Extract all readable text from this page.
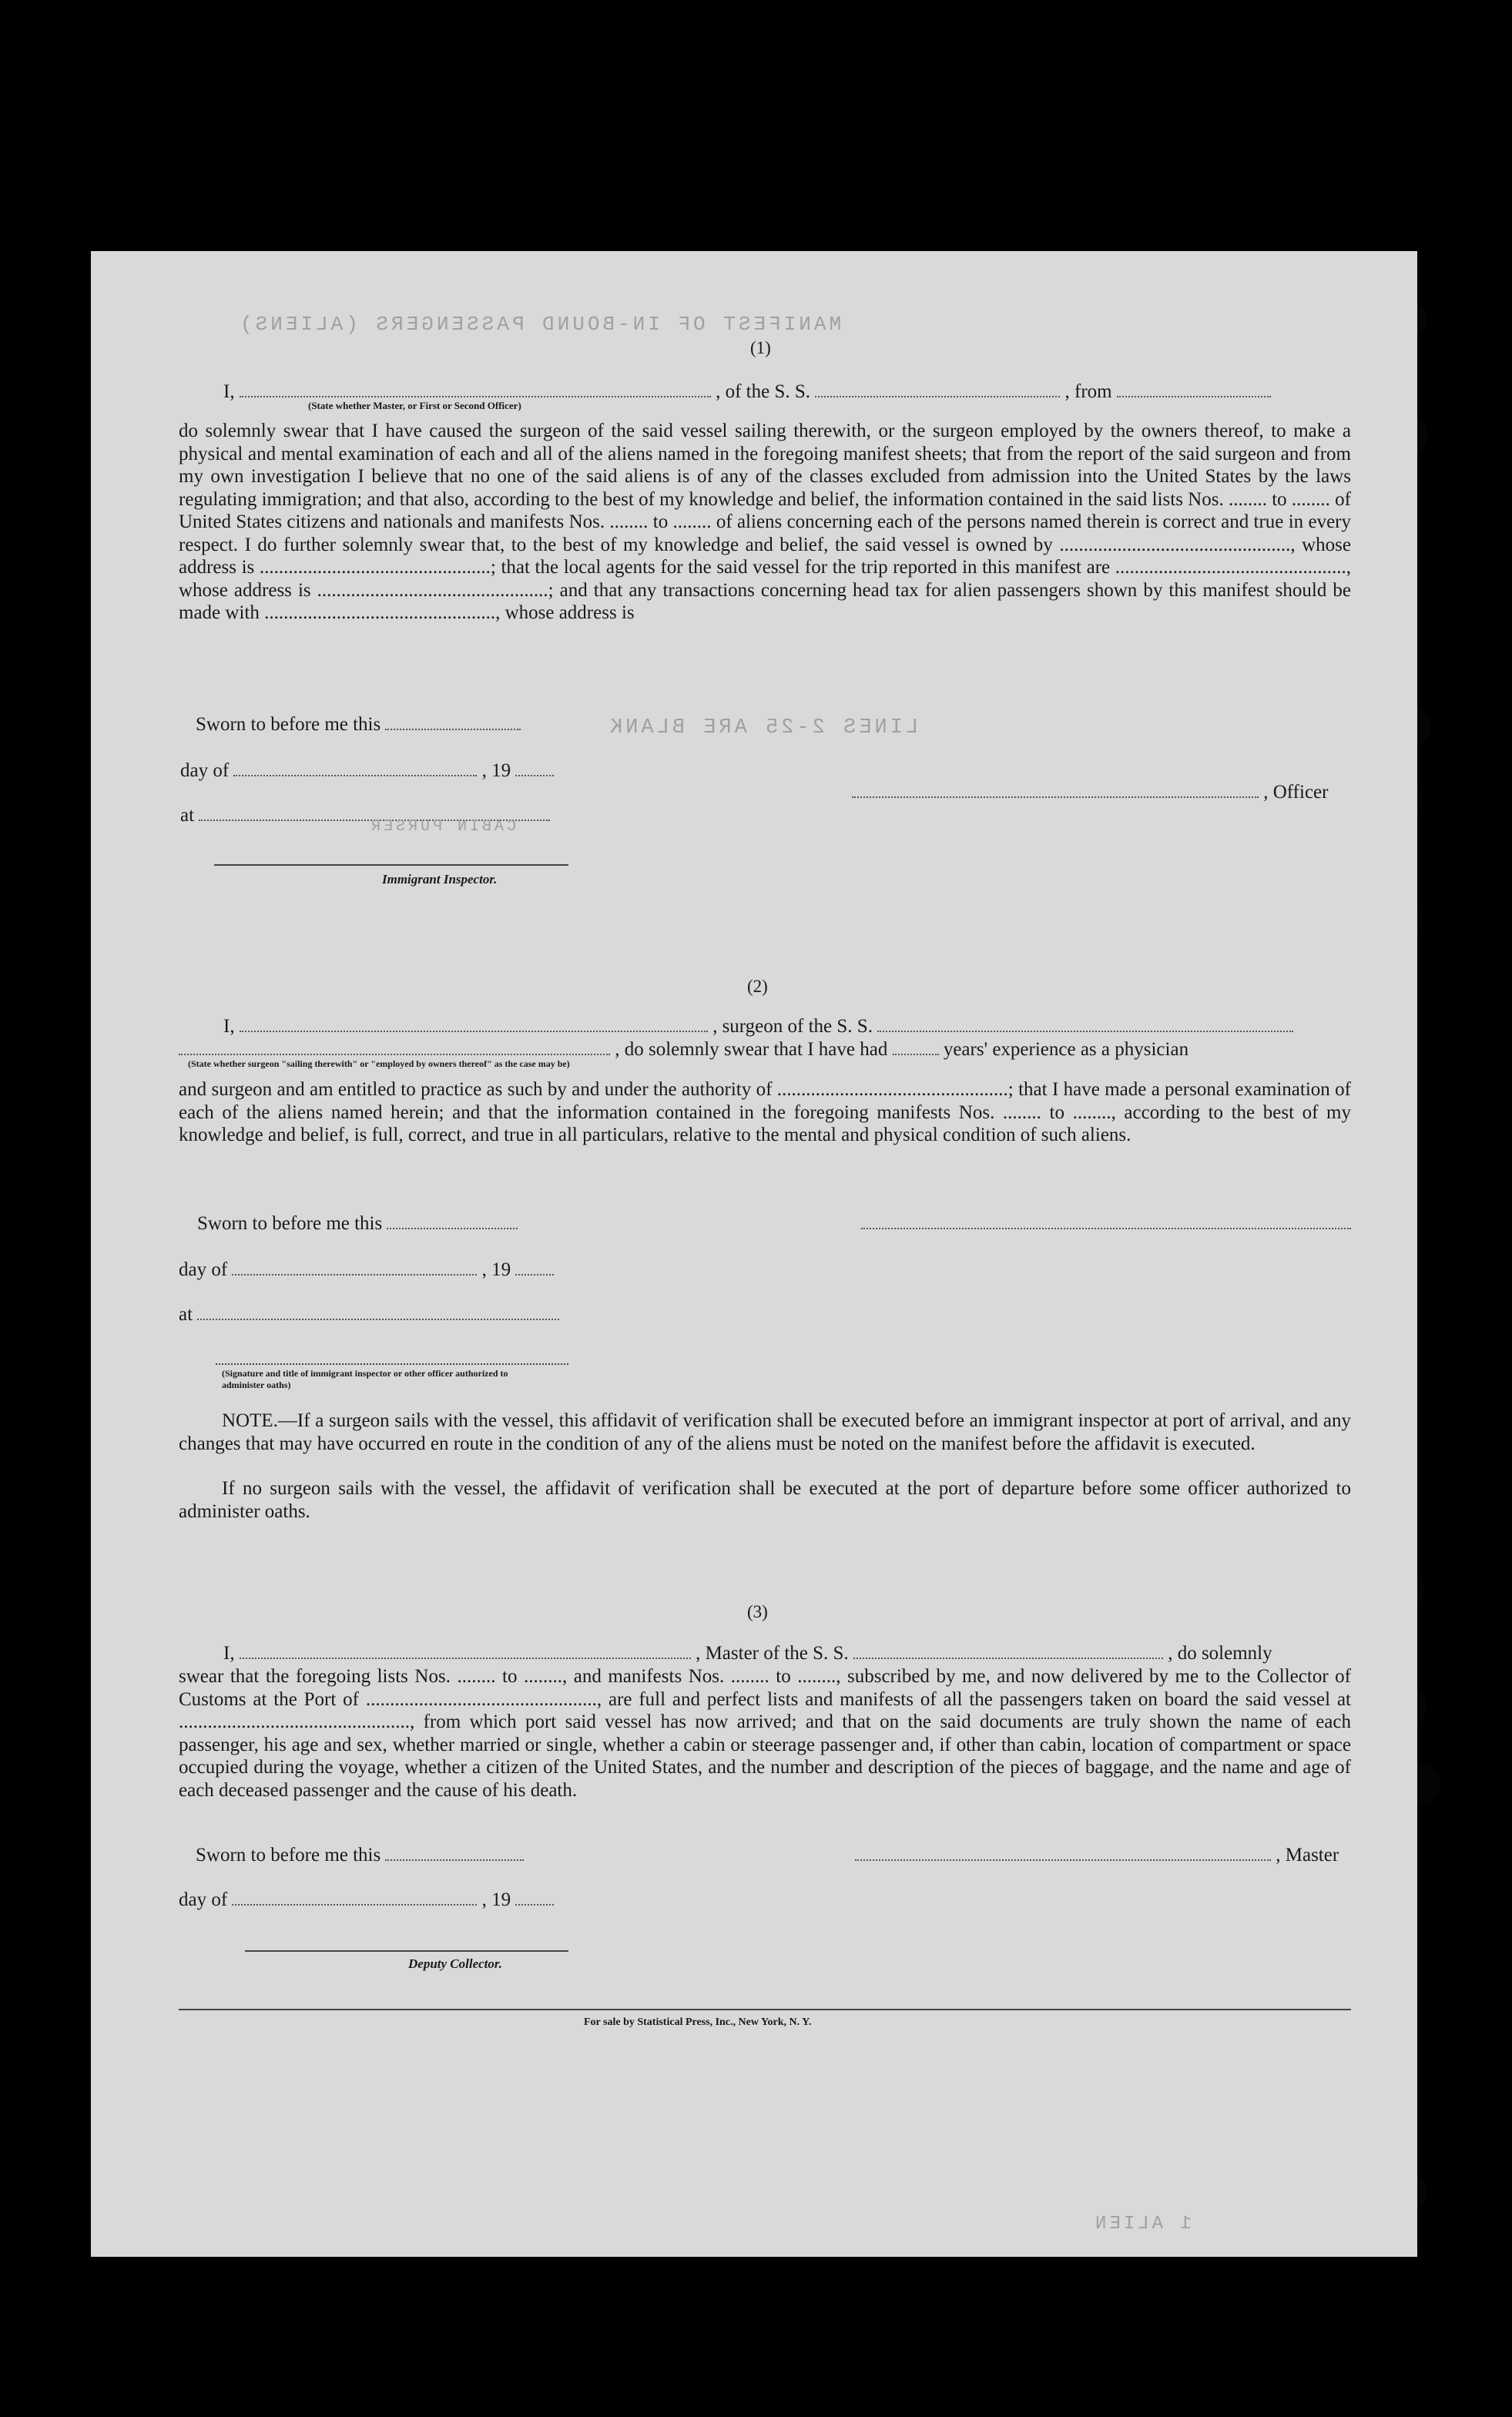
MANIFEST OF IN-BOUND PASSENGERS (ALIENS)
1 ALIEN
(1)
I,	, of the S. S.	, from
(State whether Master, or First or Second Officer)
do solemnly swear that I have caused the surgeon of the said vessel sailing therewith, or the surgeon employed by the owners thereof, to make a physical and mental examination of each and all of the aliens named in the foregoing manifest sheets; that from the report of the said surgeon and from my own investigation I believe that no one of the said aliens is of any of the classes excluded from admission into the United States by the laws regulating immigration; and that also, according to the best of my knowledge and belief, the information contained in the said lists Nos. ........ to ........ of United States citizens and nationals and manifests Nos. ........ to ........ of aliens concerning each of the persons named therein is correct and true in every respect. I do further solemnly swear that, to the best of my knowledge and belief, the said vessel is owned by ................................................, whose address is ................................................; that the local agents for the said vessel for the trip reported in this manifest are ................................................, whose address is ................................................; and that any transactions concerning head tax for alien passengers shown by this manifest should be made with ................................................, whose address is
Sworn to before me this	LINES 2-25 ARE BLANK
day of	, 19
, Officer
at
CABIN PURSER
Immigrant Inspector.
(2)
I,	, surgeon of the S. S.
, do solemnly swear that I have had	years' experience as a physician
(State whether surgeon "sailing therewith" or "employed by owners thereof" as the case may be)
and surgeon and am entitled to practice as such by and under the authority of ................................................; that I have made a personal examination of each of the aliens named herein; and that the information contained in the foregoing manifests Nos. ........ to ........, according to the best of my knowledge and belief, is full, correct, and true in all particulars, relative to the mental and physical condition of such aliens.
Sworn to before me this
day of	, 19
at
(Signature and title of immigrant inspector or other officer authorized to administer oaths)
NOTE.—If a surgeon sails with the vessel, this affidavit of verification shall be executed before an immigrant inspector at port of arrival, and any changes that may have occurred en route in the condition of any of the aliens must be noted on the manifest before the affidavit is executed.
If no surgeon sails with the vessel, the affidavit of verification shall be executed at the port of departure before some officer authorized to administer oaths.
(3)
I,	, Master of the S. S.	, do solemnly
swear that the foregoing lists Nos. ........ to ........, and manifests Nos. ........ to ........, subscribed by me, and now delivered by me to the Collector of Customs at the Port of ................................................, are full and perfect lists and manifests of all the passengers taken on board the said vessel at ................................................, from which port said vessel has now arrived; and that on the said documents are truly shown the name of each passenger, his age and sex, whether married or single, whether a cabin or steerage passenger and, if other than cabin, location of compartment or space occupied during the voyage, whether a citizen of the United States, and the number and description of the pieces of baggage, and the name and age of each deceased passenger and the cause of his death.
Sworn to before me this	, Master
day of	, 19
Deputy Collector.
For sale by Statistical Press, Inc., New York, N. Y.
